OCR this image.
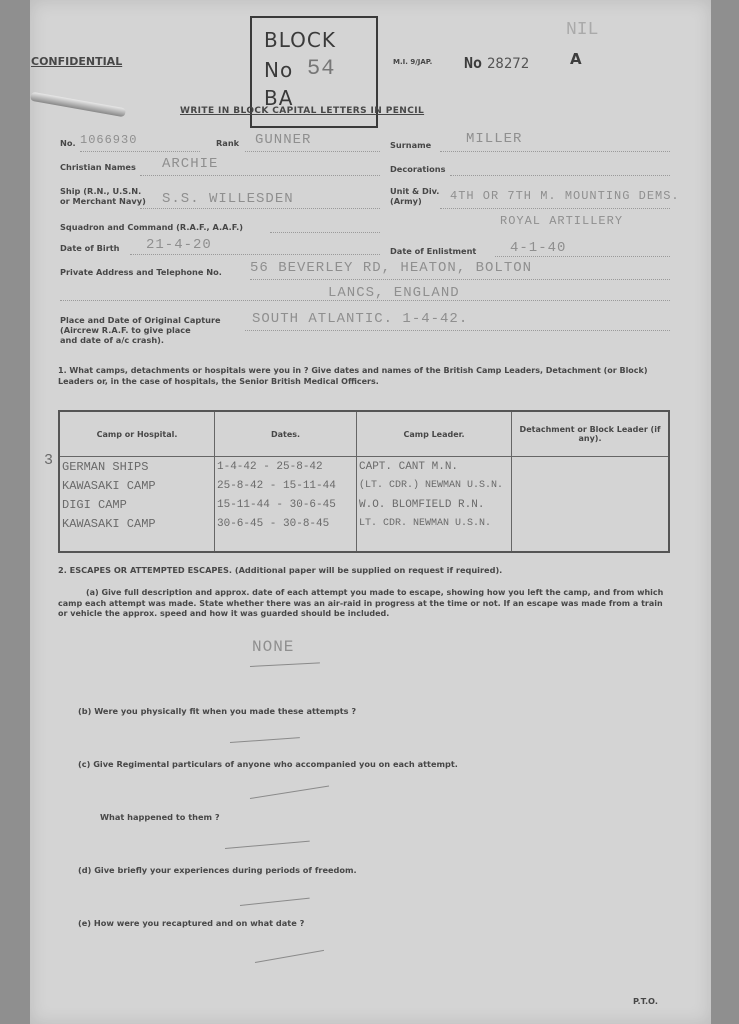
NIL
CONFIDENTIAL
BLOCK
No
BA
54	M.I. 9/JAP. No 28272	A
WRITE IN BLOCK CAPITAL LETTERS IN PENCIL
No. 1066930	Rank GUNNER	Surname MILLER
Christian Names ARCHIE	Decorations
Ship (R.N., U.S.N.
or Merchant Navy) S.S. WILLESDEN	Unit & Div.
(Army) 4TH OR 7TH M. MOUNTING DEMS.
ROYAL ARTILLERY
Squadron and Command (R.A.F., A.A.F.)
Date of Birth 21-4-20	Date of Enlistment 4-1-40
Private Address and Telephone No. 56 BEVERLEY RD, HEATON, BOLTON
LANCS, ENGLAND
Place and Date of Original Capture
(Aircrew R.A.F. to give place
and date of a/c crash).
SOUTH ATLANTIC. 1-4-42.
1. What camps, detachments or hospitals were you in ? Give dates and names of the British Camp Leaders, Detachment (or Block) Leaders or, in the case of hospitals, the Senior British Medical Officers.
3
Camp or Hospital.	Dates.	Camp Leader.	Detachment or Block Leader (if any).
GERMAN SHIPS	1-4-42 - 25-8-42	CAPT. CANT M.N.	
KAWASAKI CAMP	25-8-42 - 15-11-44	(LT. CDR.) NEWMAN U.S.N.	
DIGI CAMP	15-11-44 - 30-6-45	W.O. BLOMFIELD R.N.	
KAWASAKI CAMP	30-6-45 - 30-8-45	LT. CDR. NEWMAN U.S.N.	

2. ESCAPES OR ATTEMPTED ESCAPES. (Additional paper will be supplied on request if required).
(a) Give full description and approx. date of each attempt you made to escape, showing how you left the camp, and from which camp each attempt was made. State whether there was an air-raid in progress at the time or not. If an escape was made from a train or vehicle the approx. speed and how it was guarded should be included.
NONE
(b) Were you physically fit when you made these attempts ?
(c) Give Regimental particulars of anyone who accompanied you on each attempt.
What happened to them ?
(d) Give briefly your experiences during periods of freedom.
(e) How were you recaptured and on what date ?
P.T.O.
